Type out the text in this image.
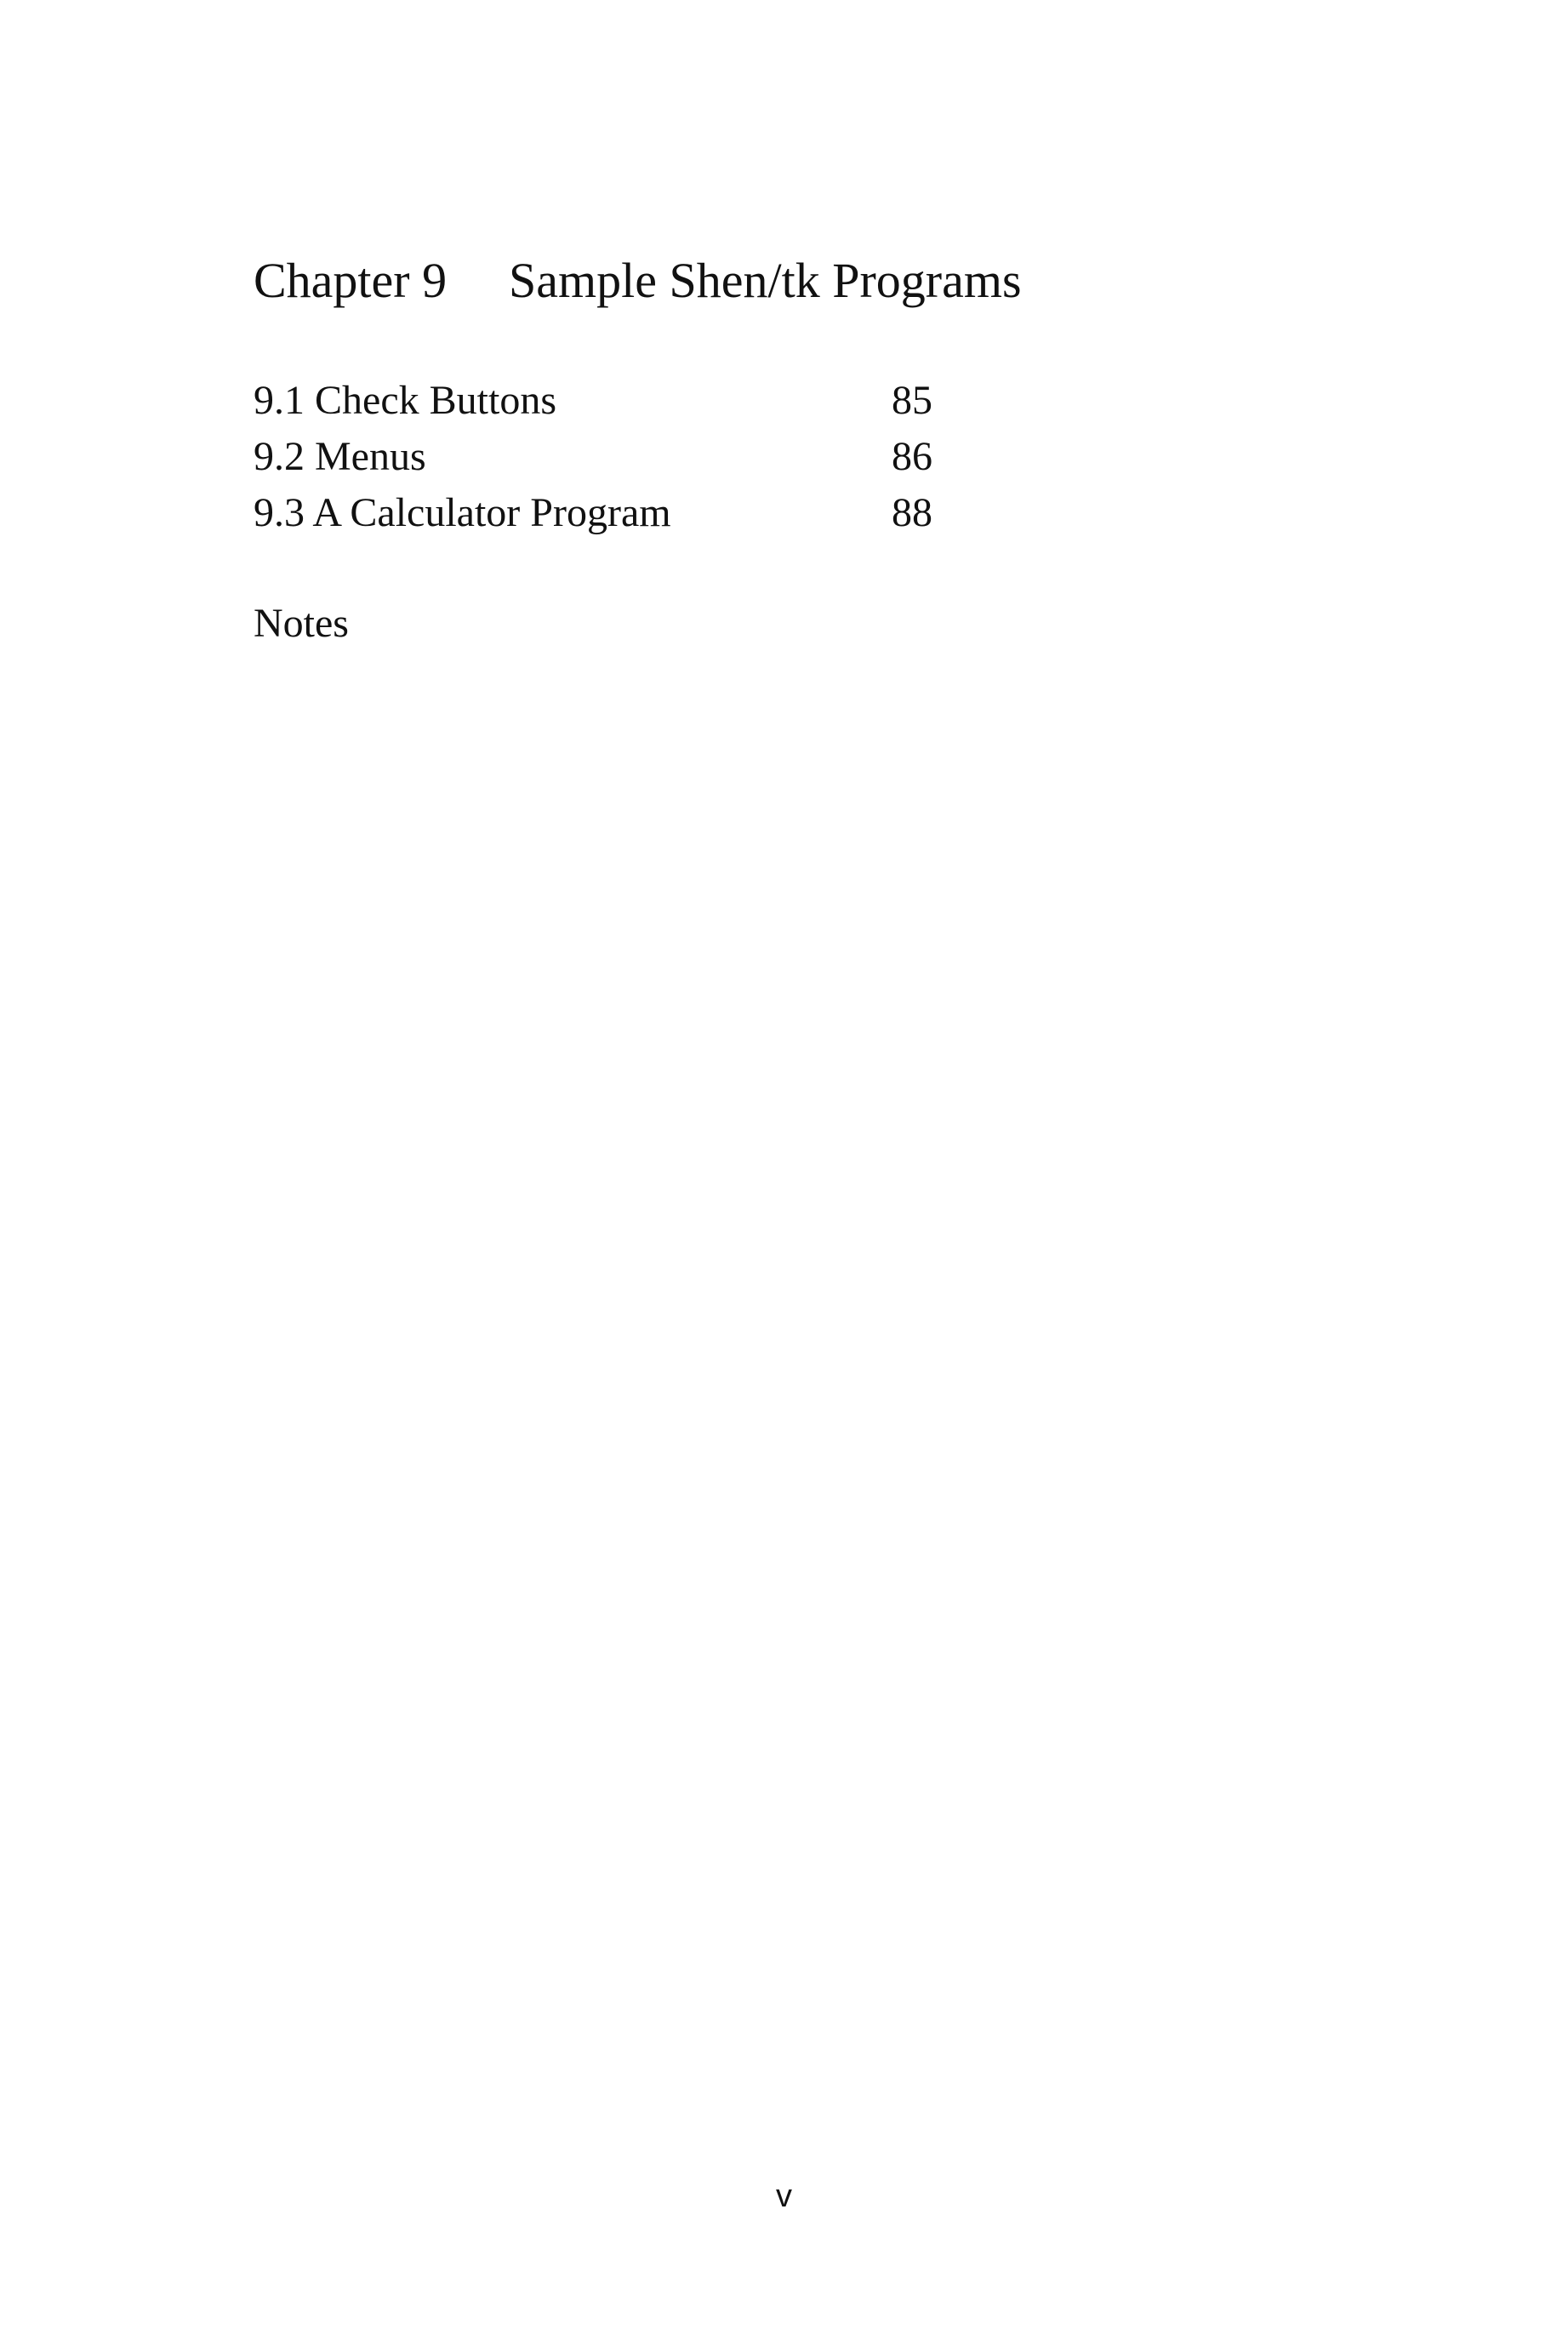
Chapter 9 Sample Shen/tk Programs
9.1 Check Buttons	85
9.2 Menus	86
9.3 A Calculator Program	88
Notes
v
